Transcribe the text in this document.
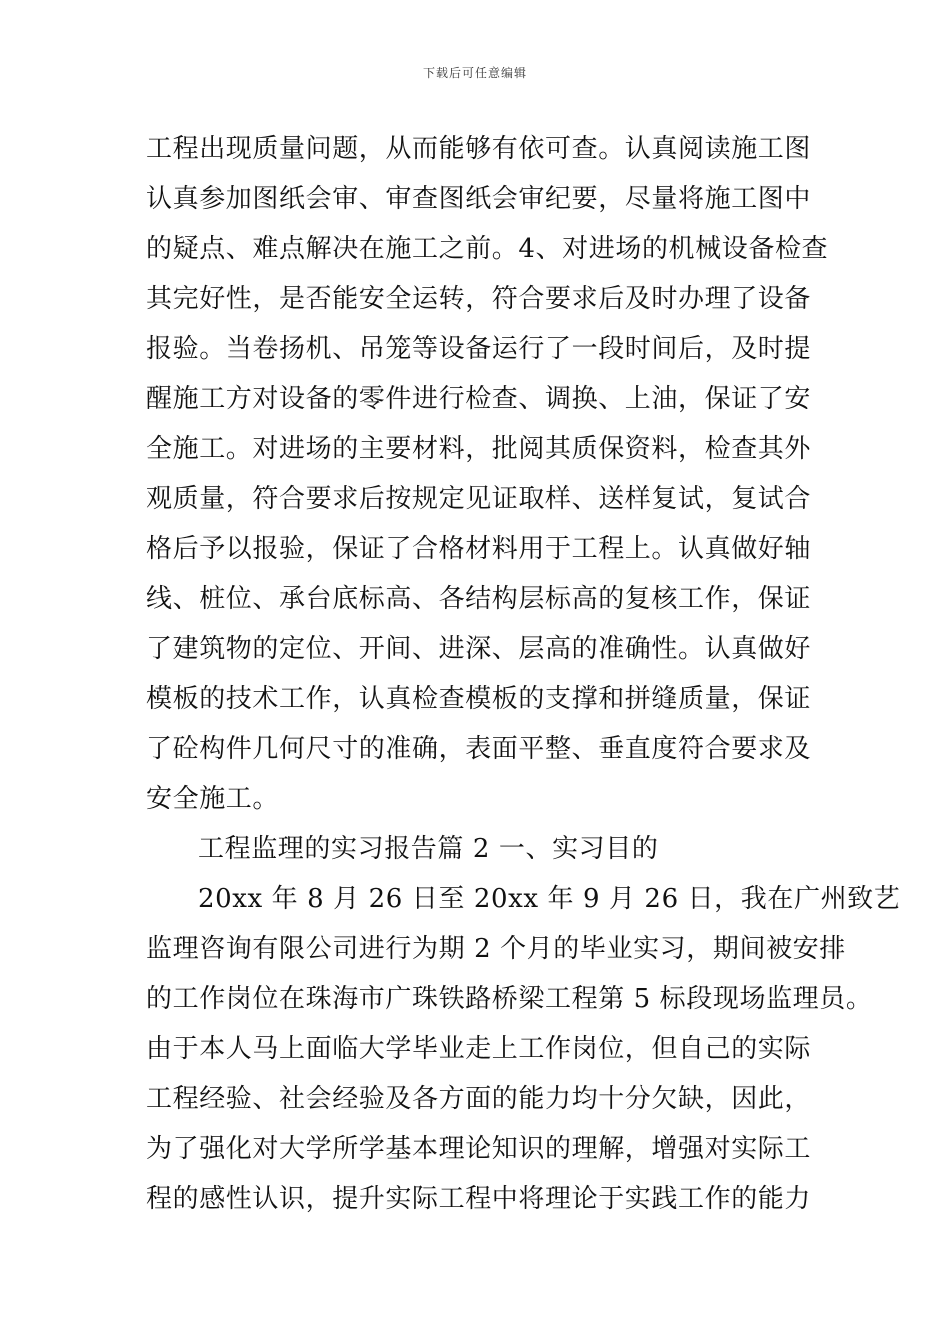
下载后可任意编辑
工程出现质量问题，从而能够有依可查。认真阅读施工图
认真参加图纸会审、审查图纸会审纪要，尽量将施工图中
的疑点、难点解决在施工之前。4、对进场的机械设备检查
其完好性，是否能安全运转，符合要求后及时办理了设备
报验。当卷扬机、吊笼等设备运行了一段时间后，及时提
醒施工方对设备的零件进行检查、调换、上油，保证了安
全施工。对进场的主要材料，批阅其质保资料，检查其外
观质量，符合要求后按规定见证取样、送样复试，复试合
格后予以报验，保证了合格材料用于工程上。认真做好轴
线、桩位、承台底标高、各结构层标高的复核工作，保证
了建筑物的定位、开间、进深、层高的准确性。认真做好
模板的技术工作，认真检查模板的支撑和拼缝质量，保证
了砼构件几何尺寸的准确，表面平整、垂直度符合要求及
安全施工。
工程监理的实习报告篇 2 一、实习目的
20xx 年 8 月 26 日至 20xx 年 9 月 26 日，我在广州致艺
监理咨询有限公司进行为期 2 个月的毕业实习，期间被安排
的工作岗位在珠海市广珠铁路桥梁工程第 5 标段现场监理员。
由于本人马上面临大学毕业走上工作岗位，但自己的实际
工程经验、社会经验及各方面的能力均十分欠缺，因此，
为了强化对大学所学基本理论知识的理解，增强对实际工
程的感性认识，提升实际工程中将理论于实践工作的能力
